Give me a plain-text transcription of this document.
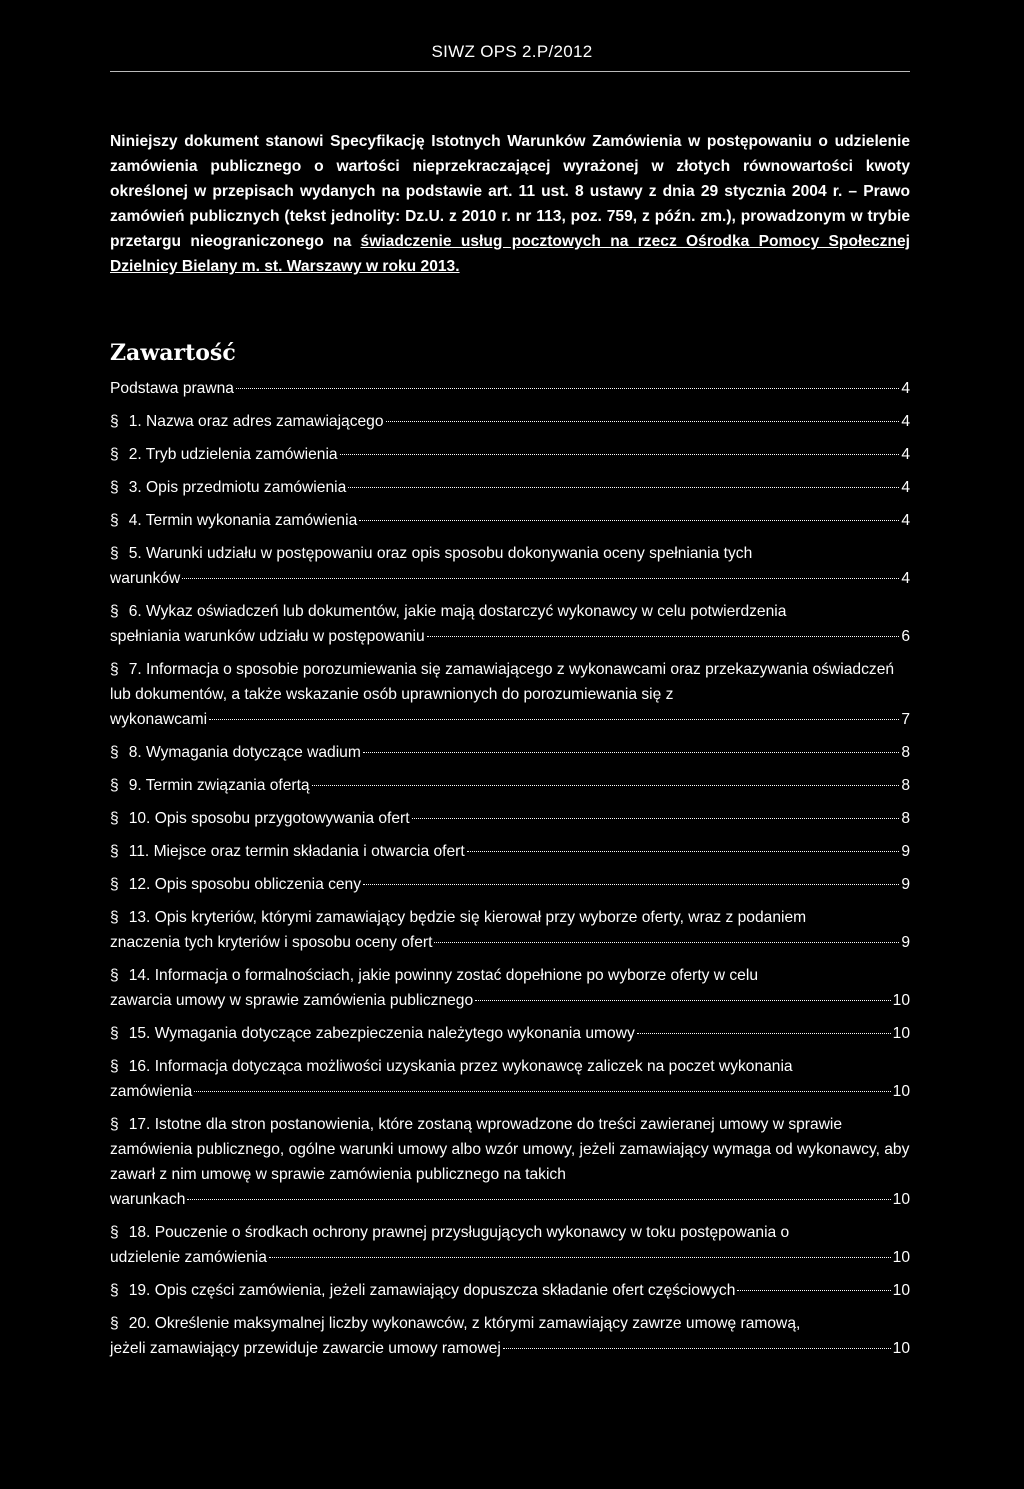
SIWZ OPS 2.P/2012
Niniejszy dokument stanowi Specyfikację Istotnych Warunków Zamówienia w postępowaniu o udzielenie zamówienia publicznego o wartości nieprzekraczającej wyrażonej w złotych równowartości kwoty określonej w przepisach wydanych na podstawie art. 11 ust. 8 ustawy z dnia 29 stycznia 2004 r. – Prawo zamówień publicznych (tekst jednolity: Dz.U. z 2010 r. nr 113, poz. 759, z późn. zm.), prowadzonym w trybie przetargu nieograniczonego na świadczenie usług pocztowych na rzecz Ośrodka Pomocy Społecznej Dzielnicy Bielany m. st. Warszawy w roku 2013.
Zawartość
Podstawa prawna	4
§ 1. Nazwa oraz adres zamawiającego	4
§ 2. Tryb udzielenia zamówienia	4
§ 3. Opis przedmiotu zamówienia	4
§ 4. Termin wykonania zamówienia	4
§ 5. Warunki udziału w postępowaniu oraz opis sposobu dokonywania oceny spełniania tych
warunków	4
§ 6. Wykaz oświadczeń lub dokumentów, jakie mają dostarczyć wykonawcy w celu potwierdzenia
spełniania warunków udziału w postępowaniu	6
§ 7. Informacja o sposobie porozumiewania się zamawiającego z wykonawcami oraz przekazywania oświadczeń lub dokumentów, a także wskazanie osób uprawnionych do porozumiewania się z
wykonawcami	7
§ 8. Wymagania dotyczące wadium	8
§ 9. Termin związania ofertą	8
§ 10. Opis sposobu przygotowywania ofert	8
§ 11. Miejsce oraz termin składania i otwarcia ofert	9
§ 12. Opis sposobu obliczenia ceny	9
§ 13. Opis kryteriów, którymi zamawiający będzie się kierował przy wyborze oferty, wraz z podaniem
znaczenia tych kryteriów i sposobu oceny ofert	9
§ 14. Informacja o formalnościach, jakie powinny zostać dopełnione po wyborze oferty w celu
zawarcia umowy w sprawie zamówienia publicznego	10
§ 15. Wymagania dotyczące zabezpieczenia należytego wykonania umowy	10
§ 16. Informacja dotycząca możliwości uzyskania przez wykonawcę zaliczek na poczet wykonania
zamówienia	10
§ 17. Istotne dla stron postanowienia, które zostaną wprowadzone do treści zawieranej umowy w sprawie zamówienia publicznego, ogólne warunki umowy albo wzór umowy, jeżeli zamawiający wymaga od wykonawcy, aby zawarł z nim umowę w sprawie zamówienia publicznego na takich
warunkach	10
§ 18. Pouczenie o środkach ochrony prawnej przysługujących wykonawcy w toku postępowania o
udzielenie zamówienia	10
§ 19. Opis części zamówienia, jeżeli zamawiający dopuszcza składanie ofert częściowych	10
§ 20. Określenie maksymalnej liczby wykonawców, z którymi zamawiający zawrze umowę ramową,
jeżeli zamawiający przewiduje zawarcie umowy ramowej	10
